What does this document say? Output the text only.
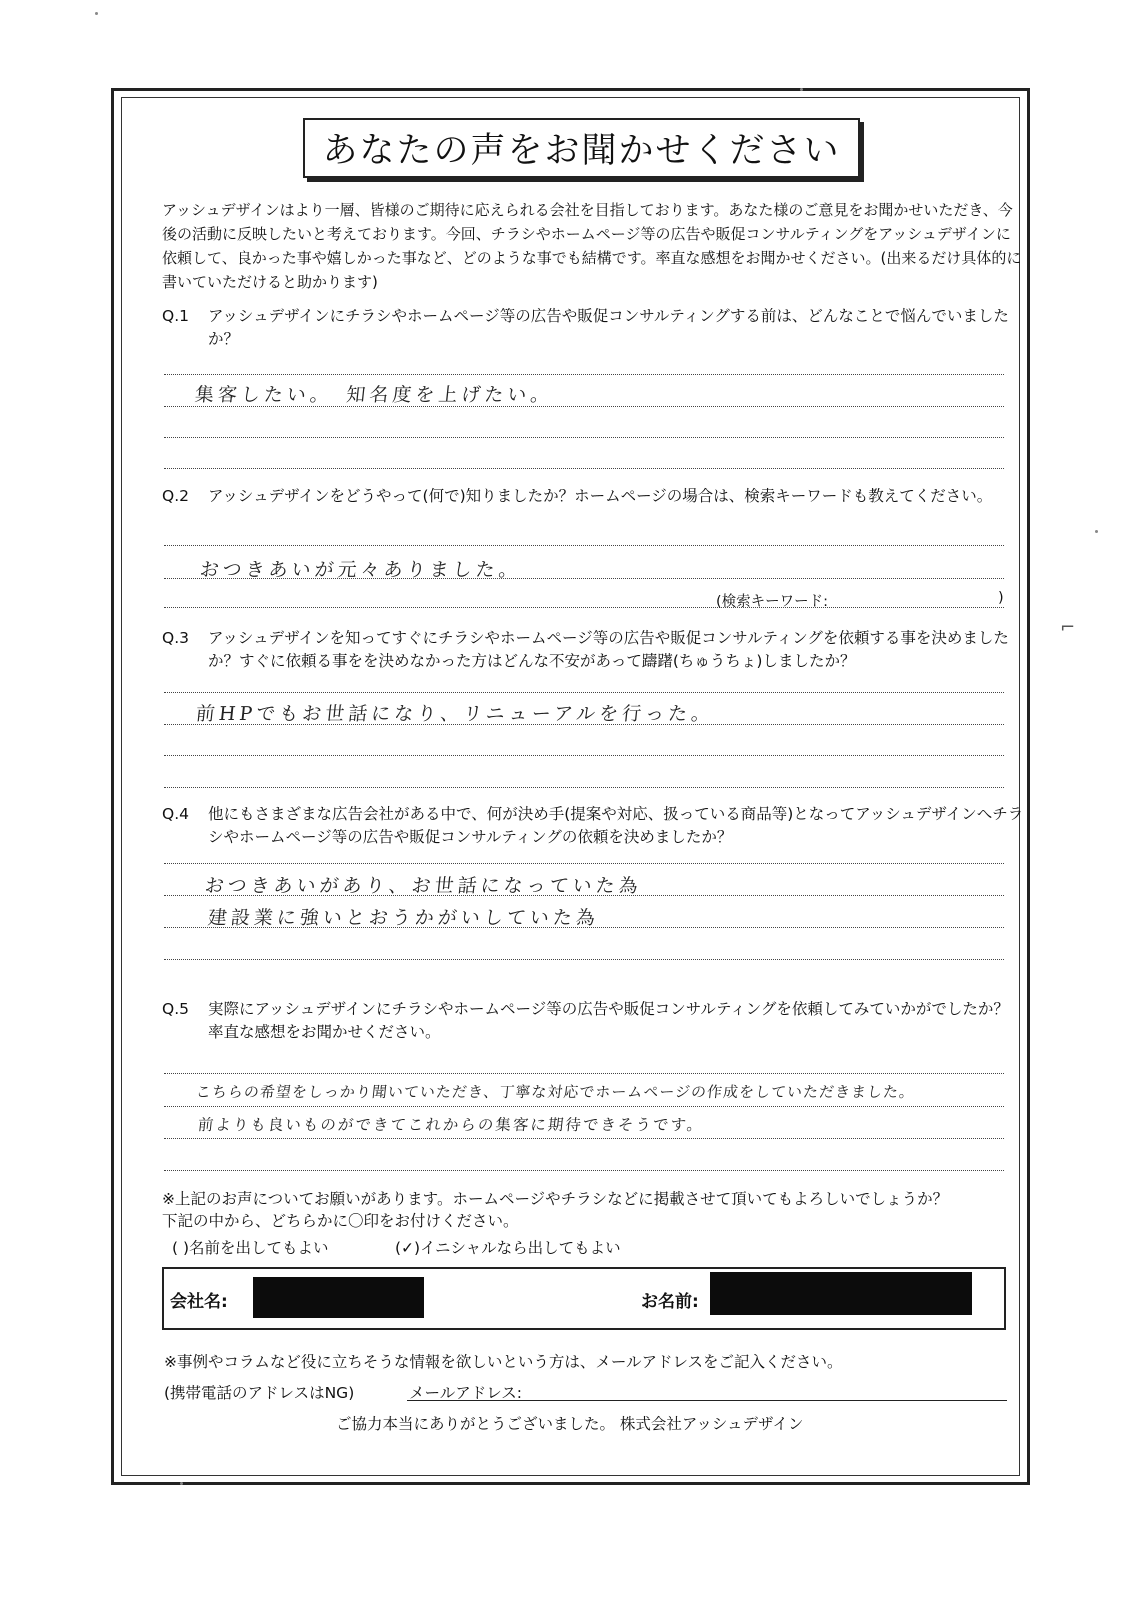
あなたの声をお聞かせください
アッシュデザインはより一層、皆様のご期待に応えられる会社を目指しております。あなた様のご意見をお聞かせいただき、今後の活動に反映したいと考えております。今回、チラシやホームページ等の広告や販促コンサルティングをアッシュデザインに依頼して、良かった事や嬉しかった事など、どのような事でも結構です。率直な感想をお聞かせください。(出来るだけ具体的に書いていただけると助かります)
Q.1	アッシュデザインにチラシやホームページ等の広告や販促コンサルティングする前は、どんなことで悩んでいましたか？
集客したい。　知名度を上げたい。
Q.2	アッシュデザインをどうやって(何で)知りましたか？ホームページの場合は、検索キーワードも教えてください。
おつきあいが元々ありました。
(検索キーワード:	)
Q.3	アッシュデザインを知ってすぐにチラシやホームページ等の広告や販促コンサルティングを依頼する事を決めましたか？すぐに依頼る事をを決めなかった方はどんな不安があって躊躇(ちゅうちょ)しましたか？
前HPでもお世話になり、リニューアルを行った。
Q.4	他にもさまざまな広告会社がある中で、何が決め手(提案や対応、扱っている商品等)となってアッシュデザインへチラシやホームページ等の広告や販促コンサルティングの依頼を決めましたか？
おつきあいがあり、お世話になっていた為
建設業に強いとおうかがいしていた為
Q.5	実際にアッシュデザインにチラシやホームページ等の広告や販促コンサルティングを依頼してみていかがでしたか？率直な感想をお聞かせください。
こちらの希望をしっかり聞いていただき、丁寧な対応でホームページの作成をしていただきました。
前よりも良いものができてこれからの集客に期待できそうです。
※上記のお声についてお願いがあります。ホームページやチラシなどに掲載させて頂いてもよろしいでしょうか？
下記の中から、どちらかに〇印をお付けください。
( )名前を出してもよい	(✓)イニシャルなら出してもよい
会社名:	お名前:
※事例やコラムなど役に立ちそうな情報を欲しいという方は、メールアドレスをご記入ください。
(携帯電話のアドレスはNG)	メールアドレス:
ご協力本当にありがとうございました。 株式会社アッシュデザイン
⌐
